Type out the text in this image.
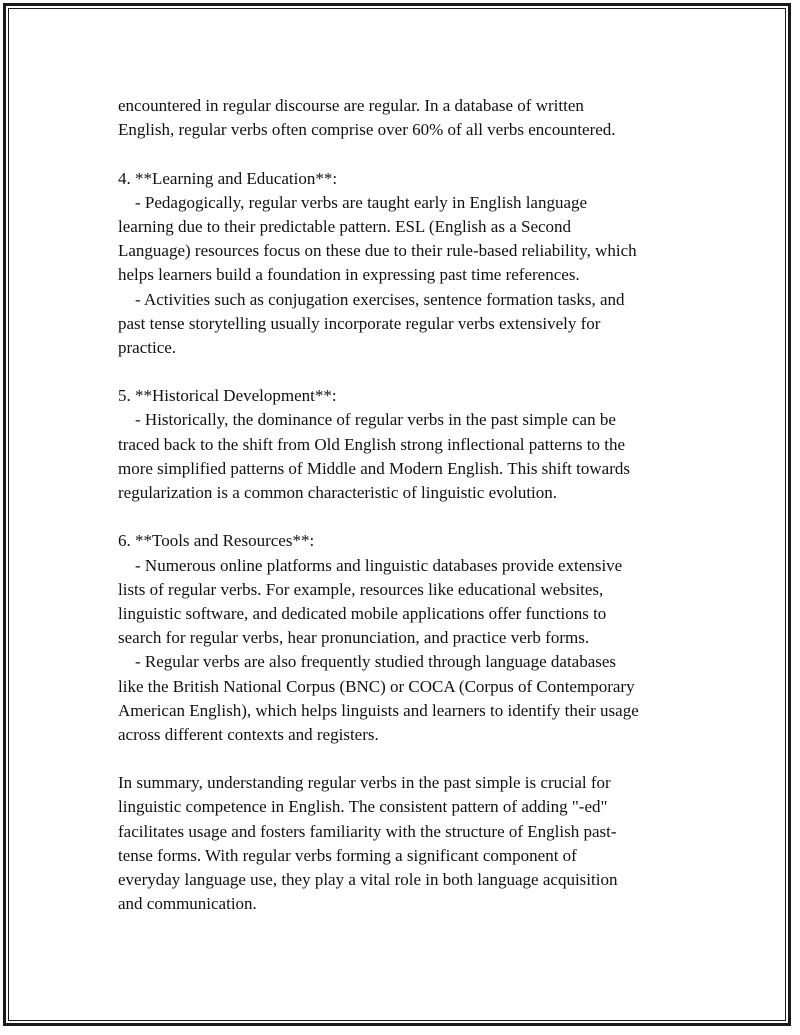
encountered in regular discourse are regular. In a database of written
English, regular verbs often comprise over 60% of all verbs encountered.
4. **Learning and Education**:
- Pedagogically, regular verbs are taught early in English language
learning due to their predictable pattern. ESL (English as a Second
Language) resources focus on these due to their rule-based reliability, which
helps learners build a foundation in expressing past time references.
- Activities such as conjugation exercises, sentence formation tasks, and
past tense storytelling usually incorporate regular verbs extensively for
practice.
5. **Historical Development**:
- Historically, the dominance of regular verbs in the past simple can be
traced back to the shift from Old English strong inflectional patterns to the
more simplified patterns of Middle and Modern English. This shift towards
regularization is a common characteristic of linguistic evolution.
6. **Tools and Resources**:
- Numerous online platforms and linguistic databases provide extensive
lists of regular verbs. For example, resources like educational websites,
linguistic software, and dedicated mobile applications offer functions to
search for regular verbs, hear pronunciation, and practice verb forms.
- Regular verbs are also frequently studied through language databases
like the British National Corpus (BNC) or COCA (Corpus of Contemporary
American English), which helps linguists and learners to identify their usage
across different contexts and registers.
In summary, understanding regular verbs in the past simple is crucial for
linguistic competence in English. The consistent pattern of adding "-ed"
facilitates usage and fosters familiarity with the structure of English past-
tense forms. With regular verbs forming a significant component of
everyday language use, they play a vital role in both language acquisition
and communication.
